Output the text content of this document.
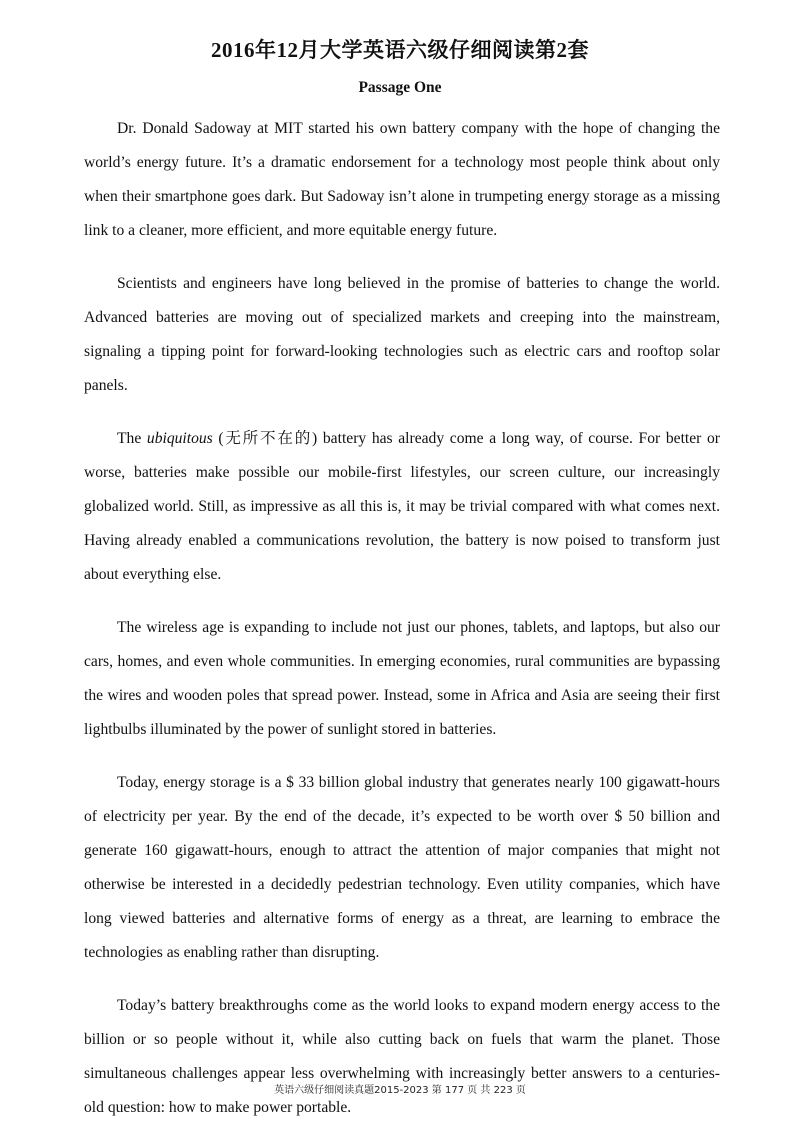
2016年12月大学英语六级仔细阅读第2套
Passage One

Dr. Donald Sadoway at MIT started his own battery company with the hope of changing the world’s energy future. It’s a dramatic endorsement for a technology most people think about only when their smartphone goes dark. But Sadoway isn’t alone in trumpeting energy storage as a missing link to a cleaner, more efficient, and more equitable energy future.

Scientists and engineers have long believed in the promise of batteries to change the world. Advanced batteries are moving out of specialized markets and creeping into the mainstream, signaling a tipping point for forward-looking technologies such as electric cars and rooftop solar panels.

The ubiquitous (无所不在的) battery has already come a long way, of course. For better or worse, batteries make possible our mobile-first lifestyles, our screen culture, our increasingly globalized world. Still, as impressive as all this is, it may be trivial compared with what comes next. Having already enabled a communications revolution, the battery is now poised to transform just about everything else.

The wireless age is expanding to include not just our phones, tablets, and laptops, but also our cars, homes, and even whole communities. In emerging economies, rural communities are bypassing the wires and wooden poles that spread power. Instead, some in Africa and Asia are seeing their first lightbulbs illuminated by the power of sunlight stored in batteries.

Today, energy storage is a $ 33 billion global industry that generates nearly 100 gigawatt-hours of electricity per year. By the end of the decade, it’s expected to be worth over $ 50 billion and generate 160 gigawatt-hours, enough to attract the attention of major companies that might not otherwise be interested in a decidedly pedestrian technology. Even utility companies, which have long viewed batteries and alternative forms of energy as a threat, are learning to embrace the technologies as enabling rather than disrupting.

Today’s battery breakthroughs come as the world looks to expand modern energy access to the billion or so people without it, while also cutting back on fuels that warm the planet. Those simultaneous challenges appear less overwhelming with increasingly better answers to a centuries-old question: how to make power portable.

英语六级仔细阅读真题2015-2023 第 177 页 共 223 页
